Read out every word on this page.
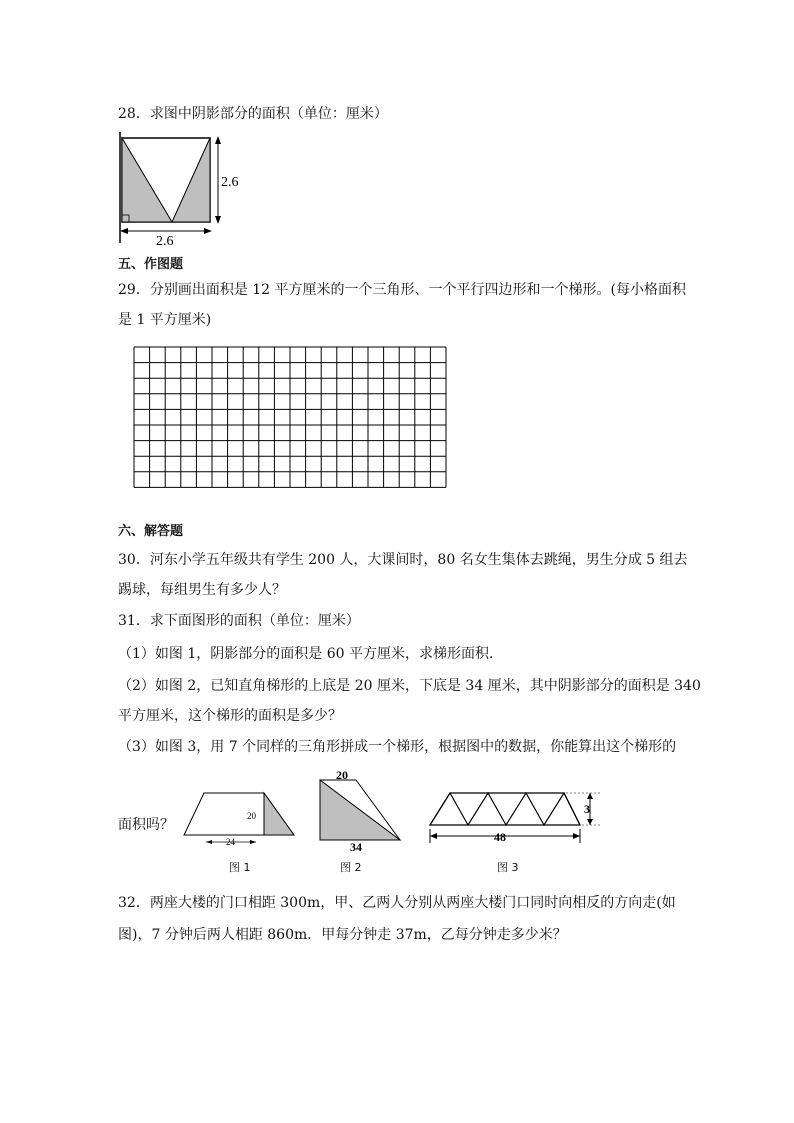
28．求图中阴影部分的面积（单位：厘米）
2.6
2.6
五、作图题
29．分别画出面积是 12 平方厘米的一个三角形、一个平行四边形和一个梯形。(每小格面积
是 1 平方厘米)
六、解答题
30．河东小学五年级共有学生 200 人，大课间时，80 名女生集体去跳绳，男生分成 5 组去
踢球，每组男生有多少人？
31．求下面图形的面积（单位：厘米）
（1）如图 1，阴影部分的面积是 60 平方厘米，求梯形面积．
（2）如图 2，已知直角梯形的上底是 20 厘米，下底是 34 厘米，其中阴影部分的面积是 340
平方厘米，这个梯形的面积是多少？
（3）如图 3，用 7 个同样的三角形拼成一个梯形，根据图中的数据，你能算出这个梯形的
面积吗？
20
24
图 1
20
34
图 2
3
48
图 3
32．两座大楼的门口相距 300m，甲、乙两人分别从两座大楼门口同时向相反的方向走(如
图)，7 分钟后两人相距 860m．甲每分钟走 37m，乙每分钟走多少米？
